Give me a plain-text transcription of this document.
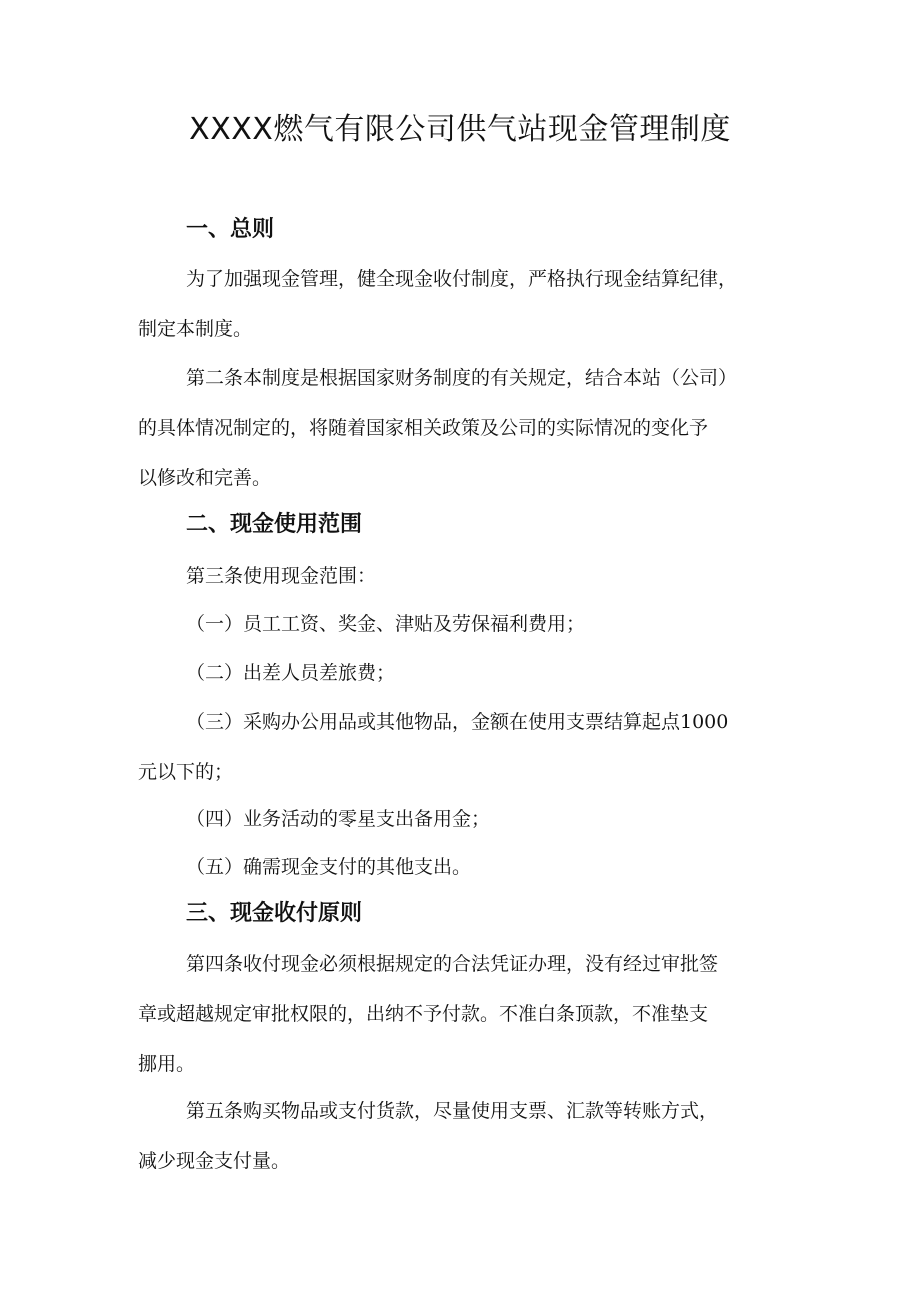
XXXX燃气有限公司供气站现金管理制度
一、总则
为了加强现金管理，健全现金收付制度，严格执行现金结算纪律，
制定本制度。
第二条本制度是根据国家财务制度的有关规定，结合本站（公司）
的具体情况制定的，将随着国家相关政策及公司的实际情况的变化予
以修改和完善。
二、现金使用范围
第三条使用现金范围：
（一）员工工资、奖金、津贴及劳保福利费用；
（二）出差人员差旅费；
（三）采购办公用品或其他物品，金额在使用支票结算起点1000
元以下的；
（四）业务活动的零星支出备用金；
（五）确需现金支付的其他支出。
三、现金收付原则
第四条收付现金必须根据规定的合法凭证办理，没有经过审批签
章或超越规定审批权限的，出纳不予付款。不准白条顶款，不准垫支
挪用。
第五条购买物品或支付货款，尽量使用支票、汇款等转账方式，
减少现金支付量。
